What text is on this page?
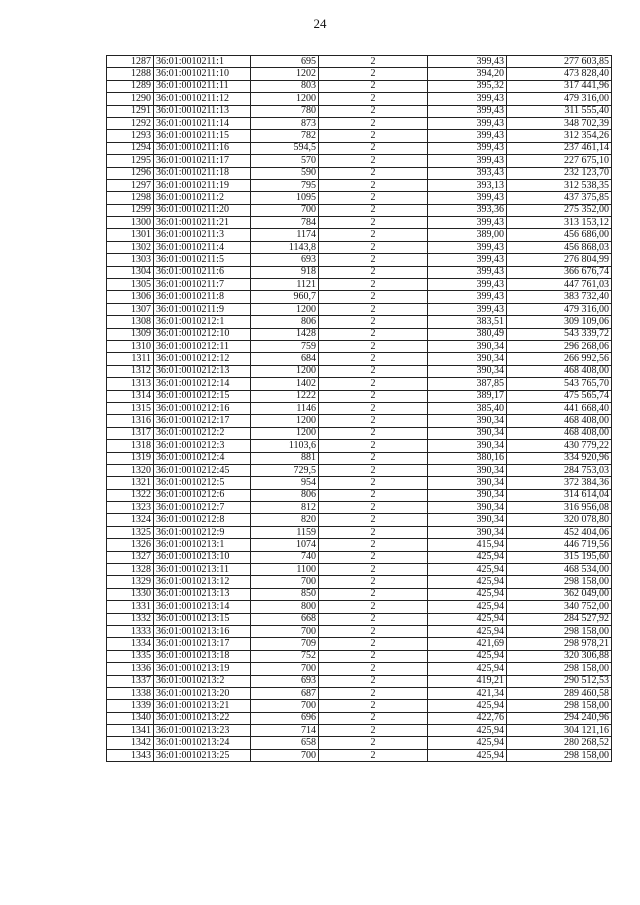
24
1287	36:01:0010211:1	695	2	399,43	277 603,85
1288	36:01:0010211:10	1202	2	394,20	473 828,40
1289	36:01:0010211:11	803	2	395,32	317 441,96
1290	36:01:0010211:12	1200	2	399,43	479 316,00
1291	36:01:0010211:13	780	2	399,43	311 555,40
1292	36:01:0010211:14	873	2	399,43	348 702,39
1293	36:01:0010211:15	782	2	399,43	312 354,26
1294	36:01:0010211:16	594,5	2	399,43	237 461,14
1295	36:01:0010211:17	570	2	399,43	227 675,10
1296	36:01:0010211:18	590	2	393,43	232 123,70
1297	36:01:0010211:19	795	2	393,13	312 538,35
1298	36:01:0010211:2	1095	2	399,43	437 375,85
1299	36:01:0010211:20	700	2	393,36	275 352,00
1300	36:01:0010211:21	784	2	399,43	313 153,12
1301	36:01:0010211:3	1174	2	389,00	456 686,00
1302	36:01:0010211:4	1143,8	2	399,43	456 868,03
1303	36:01:0010211:5	693	2	399,43	276 804,99
1304	36:01:0010211:6	918	2	399,43	366 676,74
1305	36:01:0010211:7	1121	2	399,43	447 761,03
1306	36:01:0010211:8	960,7	2	399,43	383 732,40
1307	36:01:0010211:9	1200	2	399,43	479 316,00
1308	36:01:0010212:1	806	2	383,51	309 109,06
1309	36:01:0010212:10	1428	2	380,49	543 339,72
1310	36:01:0010212:11	759	2	390,34	296 268,06
1311	36:01:0010212:12	684	2	390,34	266 992,56
1312	36:01:0010212:13	1200	2	390,34	468 408,00
1313	36:01:0010212:14	1402	2	387,85	543 765,70
1314	36:01:0010212:15	1222	2	389,17	475 565,74
1315	36:01:0010212:16	1146	2	385,40	441 668,40
1316	36:01:0010212:17	1200	2	390,34	468 408,00
1317	36:01:0010212:2	1200	2	390,34	468 408,00
1318	36:01:0010212:3	1103,6	2	390,34	430 779,22
1319	36:01:0010212:4	881	2	380,16	334 920,96
1320	36:01:0010212:45	729,5	2	390,34	284 753,03
1321	36:01:0010212:5	954	2	390,34	372 384,36
1322	36:01:0010212:6	806	2	390,34	314 614,04
1323	36:01:0010212:7	812	2	390,34	316 956,08
1324	36:01:0010212:8	820	2	390,34	320 078,80
1325	36:01:0010212:9	1159	2	390,34	452 404,06
1326	36:01:0010213:1	1074	2	415,94	446 719,56
1327	36:01:0010213:10	740	2	425,94	315 195,60
1328	36:01:0010213:11	1100	2	425,94	468 534,00
1329	36:01:0010213:12	700	2	425,94	298 158,00
1330	36:01:0010213:13	850	2	425,94	362 049,00
1331	36:01:0010213:14	800	2	425,94	340 752,00
1332	36:01:0010213:15	668	2	425,94	284 527,92
1333	36:01:0010213:16	700	2	425,94	298 158,00
1334	36:01:0010213:17	709	2	421,69	298 978,21
1335	36:01:0010213:18	752	2	425,94	320 306,88
1336	36:01:0010213:19	700	2	425,94	298 158,00
1337	36:01:0010213:2	693	2	419,21	290 512,53
1338	36:01:0010213:20	687	2	421,34	289 460,58
1339	36:01:0010213:21	700	2	425,94	298 158,00
1340	36:01:0010213:22	696	2	422,76	294 240,96
1341	36:01:0010213:23	714	2	425,94	304 121,16
1342	36:01:0010213:24	658	2	425,94	280 268,52
1343	36:01:0010213:25	700	2	425,94	298 158,00
